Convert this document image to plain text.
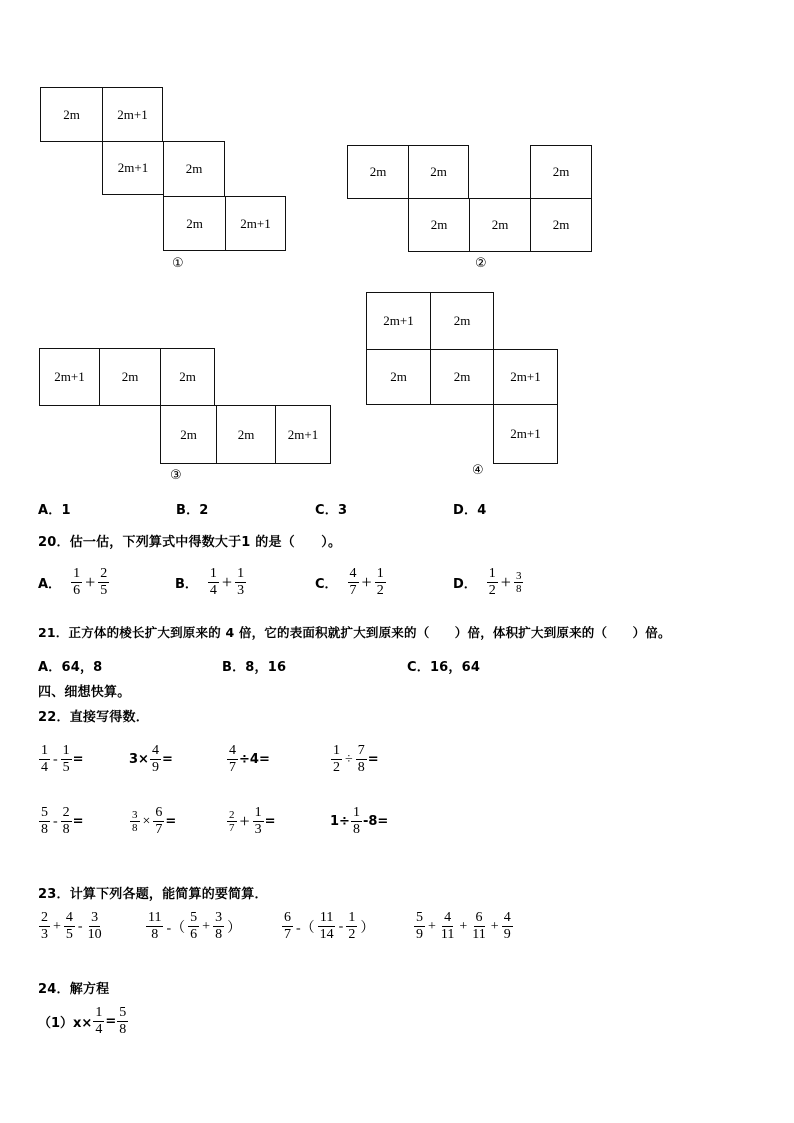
2m	2m+1
2m+1	2m
2m	2m+1
①
2m	2m	2m
2m	2m	2m
②
2m+1	2m	2m
2m	2m	2m+1
③
2m+1	2m
2m	2m	2m+1
2m+1
④
A．1	B．2	C．3	D．4
20．估一估，下列算式中得数大于1 的是（　　）。
A． $\frac{1}{6} + \frac{2}{5}$	B． $\frac{1}{4} + \frac{1}{3}$	C． $\frac{4}{7} + \frac{1}{2}$	D． $\frac{1}{2} + \frac{3}{8}$
21．正方体的棱长扩大到原来的 4 倍，它的表面积就扩大到原来的（　　）倍，体积扩大到原来的（　　）倍。
A．64，8	B．8，16	C．16，64
四、细想快算。
22．直接写得数．
$\frac{1}{4} - \frac{1}{5}$ =	$3\times \frac{4}{9}$ =	$\frac{4}{7} \div 4=$	$\frac{1}{2} \div \frac{7}{8}$ =
$\frac{5}{8} - \frac{2}{8}$ =	$\frac{3}{8} \times \frac{6}{7}$ =	$\frac{2}{7} + \frac{1}{3}$ =	$1\div \frac{1}{8} -8=$
23．计算下列各题，能简算的要简算．
$\frac{2}{3} + \frac{4}{5} - \frac{3}{10}$	$\frac{11}{8}$ -（ $\frac{5}{6} + \frac{3}{8}$ ）	$\frac{6}{7}$ -（ $\frac{11}{14} - \frac{1}{2}$ ）	$\frac{5}{9} + \frac{4}{11} + \frac{6}{11} + \frac{4}{9}$
24．解方程
$(1)x\times \frac{1}{4} = \frac{5}{8}$
